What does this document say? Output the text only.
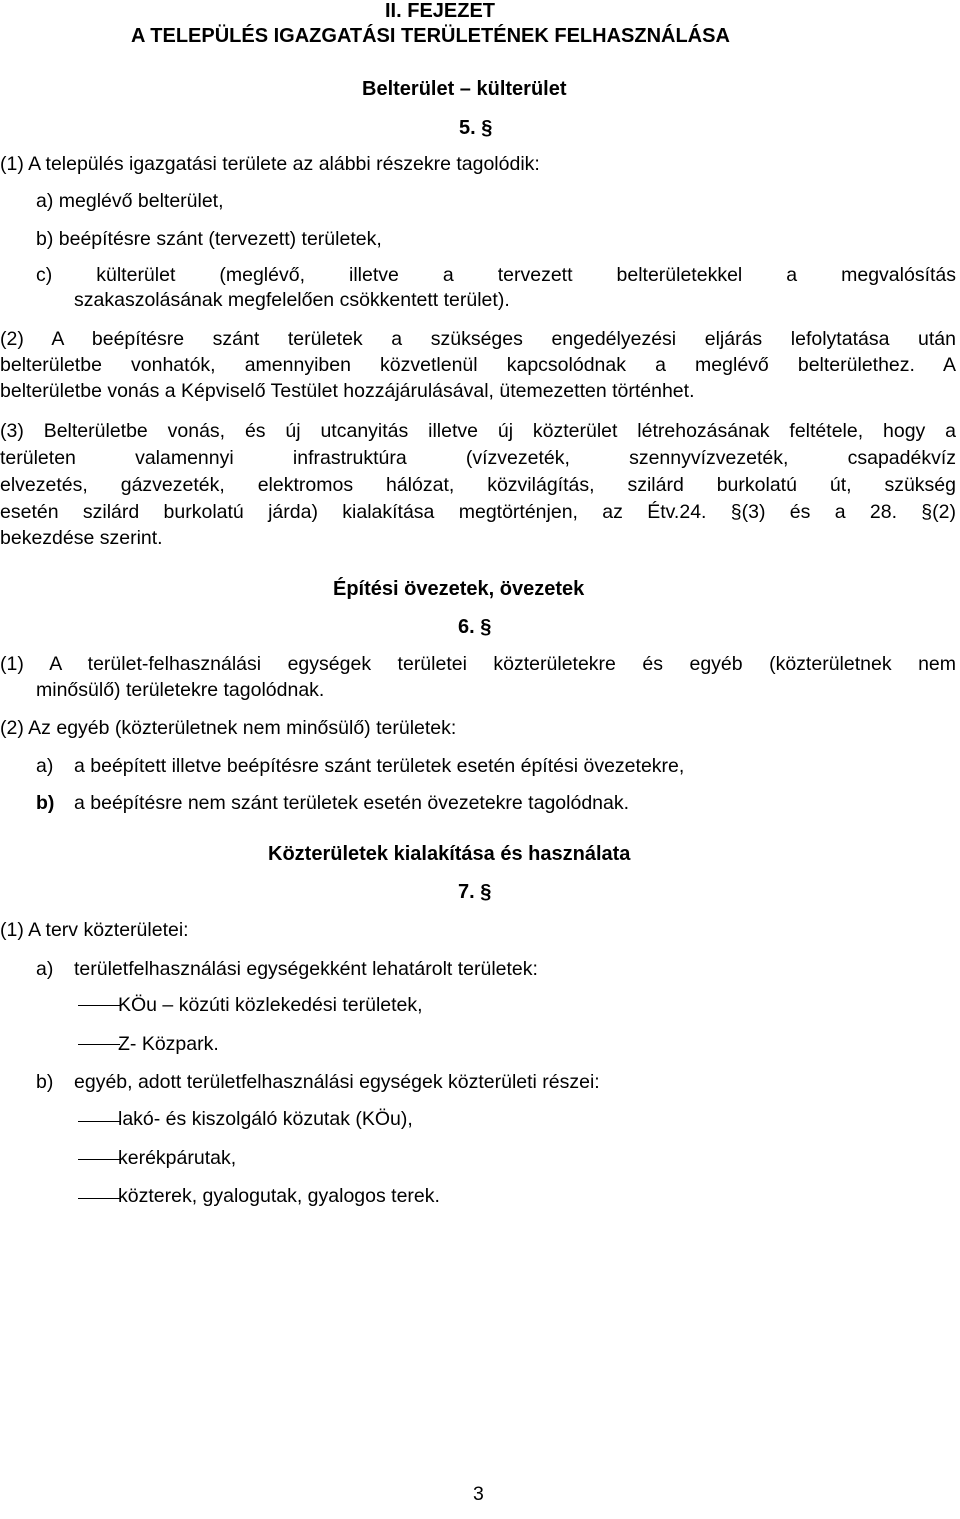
II. FEJEZET
A TELEPÜLÉS IGAZGATÁSI TERÜLETÉNEK FELHASZNÁLÁSA
Belterület – külterület
5. §
(1) A település igazgatási területe az alábbi részekre tagolódik:
a) meglévő belterület,
b) beépítésre szánt (tervezett) területek,
c) külterület (meglévő, illetve a tervezett belterületekkel a megvalósítás
szakaszolásának megfelelően csökkentett terület).
(2) A beépítésre szánt területek a szükséges engedélyezési eljárás lefolytatása után
belterületbe vonhatók, amennyiben közvetlenül kapcsolódnak a meglévő belterülethez. A
belterületbe vonás a Képviselő Testület hozzájárulásával, ütemezetten történhet.
(3) Belterületbe vonás, és új utcanyitás illetve új közterület létrehozásának feltétele, hogy a
területen valamennyi infrastruktúra (vízvezeték, szennyvízvezeték, csapadékvíz
elvezetés, gázvezeték, elektromos hálózat, közvilágítás, szilárd burkolatú út, szükség
esetén szilárd burkolatú járda) kialakítása megtörténjen, az Étv.24. §(3) és a 28. §(2)
bekezdése szerint.
Építési övezetek, övezetek
6. §
(1) A terület-felhasználási egységek területei közterületekre és egyéb (közterületnek nem
minősülő) területekre tagolódnak.
(2) Az egyéb (közterületnek nem minősülő) területek:
a) a beépített illetve beépítésre szánt területek esetén építési övezetekre,
b) a beépítésre nem szánt területek esetén övezetekre tagolódnak.
Közterületek kialakítása és használata
7. §
(1) A terv közterületei:
a) területfelhasználási egységekként lehatárolt területek:
KÖu – közúti közlekedési területek,
Z- Közpark.
b) egyéb, adott területfelhasználási egységek közterületi részei:
lakó- és kiszolgáló közutak (KÖu),
kerékpárutak,
közterek, gyalogutak, gyalogos terek.
3
